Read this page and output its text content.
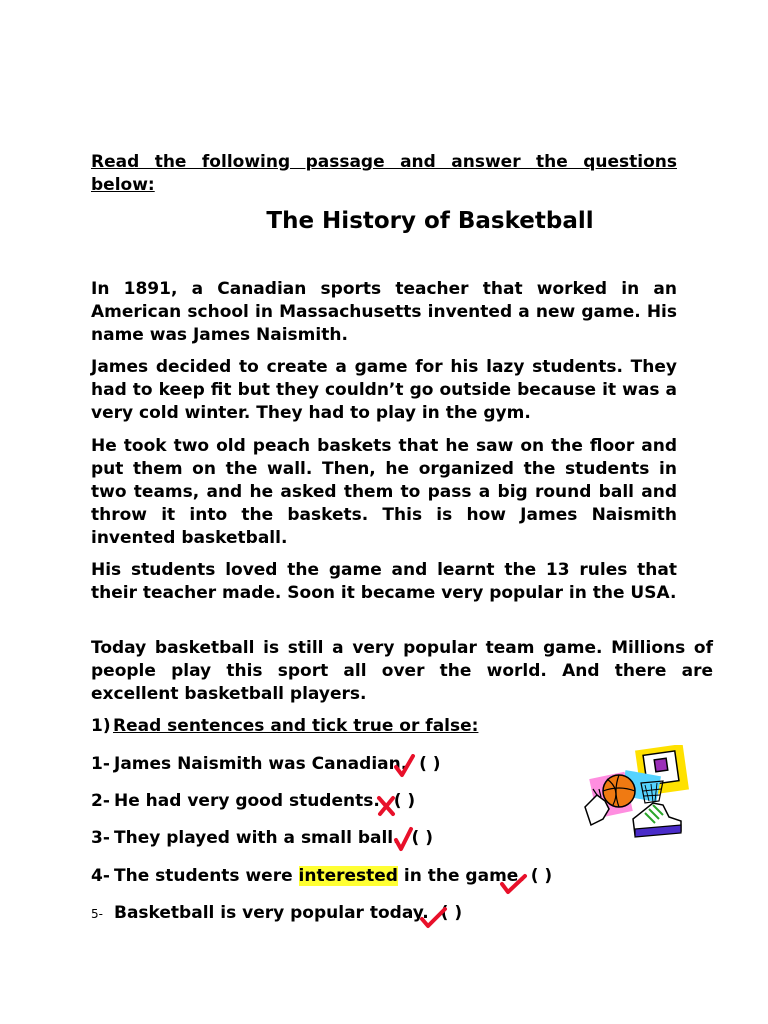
Read the following passage and answer the questions below:
The History of Basketball

In 1891, a Canadian sports teacher that worked in an American school in Massachusetts invented a new game. His name was James Naismith.

James decided to create a game for his lazy students. They had to keep fit but they couldn’t go outside because it was a very cold winter. They had to play in the gym.

He took two old peach baskets that he saw on the floor and put them on the wall. Then, he organized the students in two teams, and he asked them to pass a big round ball and throw it into the baskets. This is how James Naismith invented basketball.

His students loved the game and learnt the 13 rules that their teacher made. Soon it became very popular in the USA.

Today basketball is still a very popular team game. Millions of people play this sport all over the world. And there are excellent basketball players.

1) Read sentences and tick true or false:
1- James Naismith was Canadian. ( )
2- He had very good students. ( )
3- They played with a small ball. ( )
4- The students were interested in the game. ( )
5- Basketball is very popular today. ( )
